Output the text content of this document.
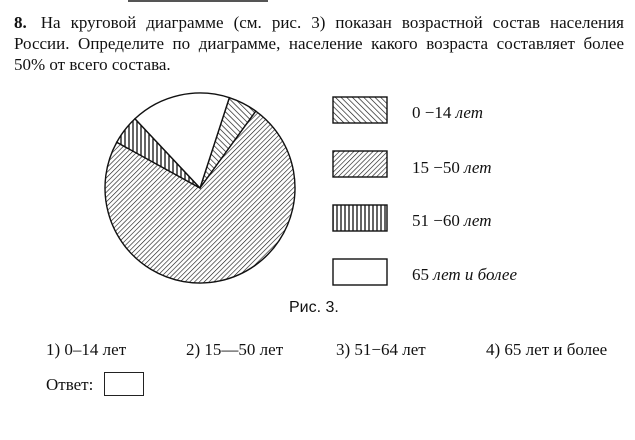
8. На круговой диаграмме (см. рис. 3) показан возрастной состав населения России. Определите по диаграмме, население какого возраста составляет более 50% от всего состава.
0 −14 лет
15 −50 лет
51 −60 лет
65 лет и более
Рис. 3.
1) 0–14 лет	2) 15—50 лет	3) 51−64 лет	4) 65 лет и более
Ответ:
